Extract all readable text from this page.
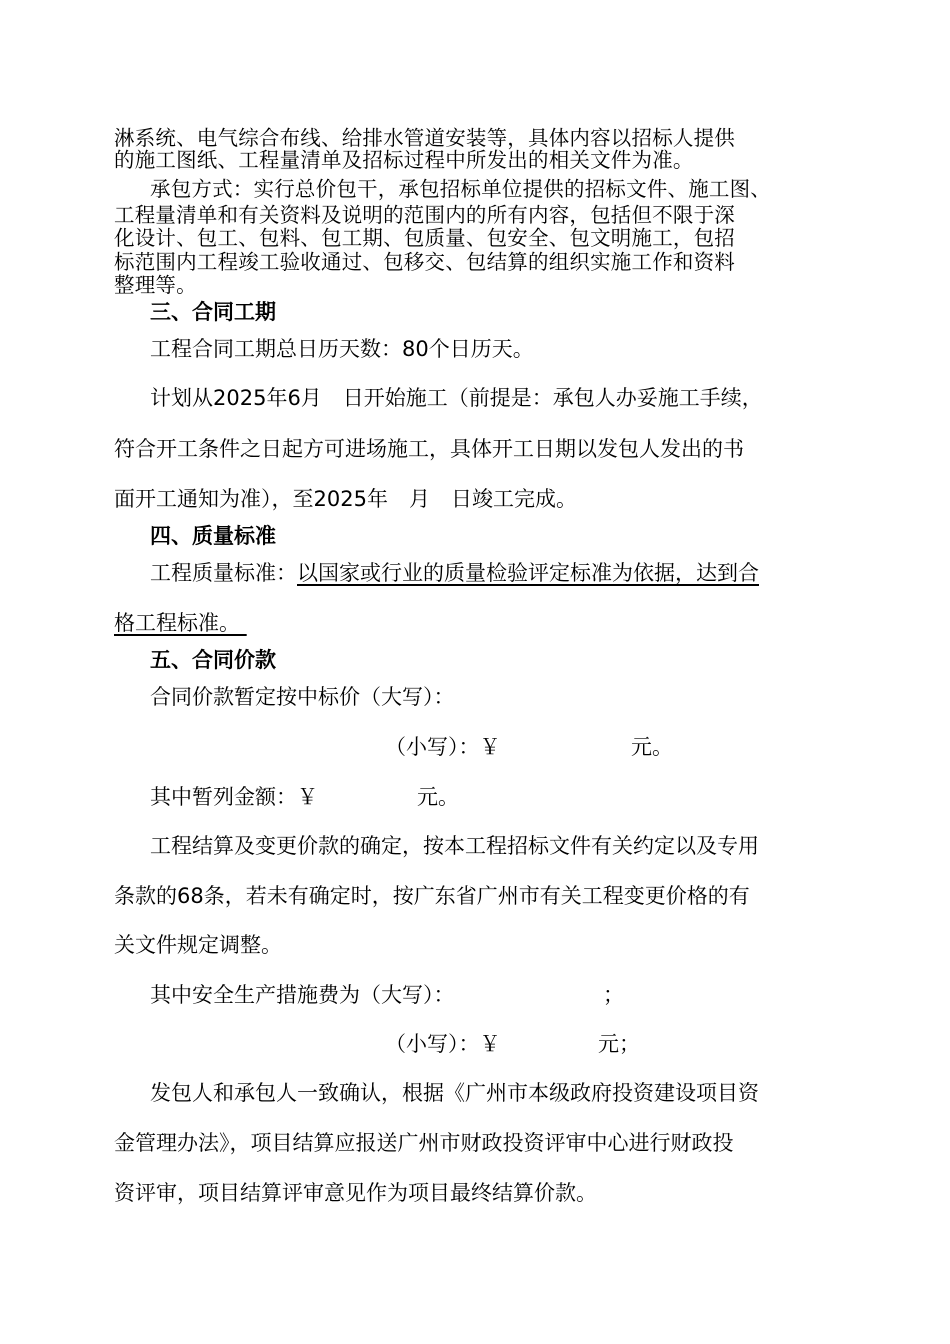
淋系统、电气综合布线、给排水管道安装等，具体内容以招标人提供
的施工图纸、工程量清单及招标过程中所发出的相关文件为准。
承包方式：实行总价包干，承包招标单位提供的招标文件、施工图、
工程量清单和有关资料及说明的范围内的所有内容，包括但不限于深
化设计、包工、包料、包工期、包质量、包安全、包文明施工，包招
标范围内工程竣工验收通过、包移交、包结算的组织实施工作和资料
整理等。
三、合同工期
工程合同工期总日历天数：80个日历天。
计划从2025年6月　日开始施工（前提是：承包人办妥施工手续，
符合开工条件之日起方可进场施工，具体开工日期以发包人发出的书
面开工通知为准），至2025年　月　日竣工完成。
四、质量标准
工程质量标准：以国家或行业的质量检验评定标准为依据，达到合
格工程标准。
五、合同价款
合同价款暂定按中标价（大写）：
（小写）：￥	元。
其中暂列金额：￥	元。
工程结算及变更价款的确定，按本工程招标文件有关约定以及专用
条款的68条，若未有确定时，按广东省广州市有关工程变更价格的有
关文件规定调整。
其中安全生产措施费为（大写）：	；
（小写）：￥	元；
发包人和承包人一致确认，根据《广州市本级政府投资建设项目资
金管理办法》，项目结算应报送广州市财政投资评审中心进行财政投
资评审，项目结算评审意见作为项目最终结算价款。
